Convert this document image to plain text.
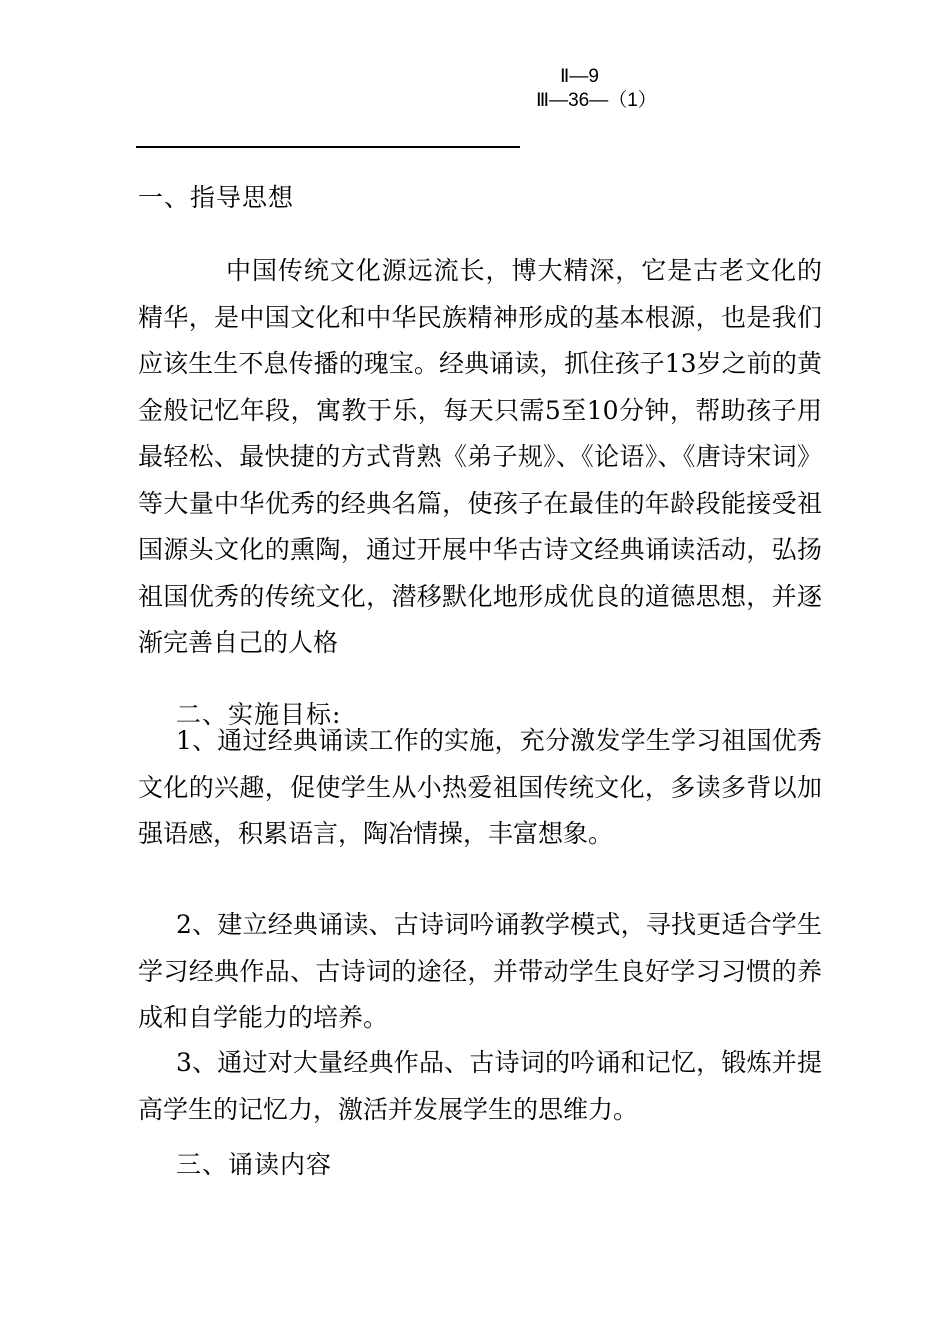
Ⅱ—9
Ⅲ—36—（1）
一、指导思想

中国传统文化源远流长，博大精深，它是古老文化的精华，是中国文化和中华民族精神形成的基本根源，也是我们应该生生不息传播的瑰宝。经典诵读，抓住孩子13岁之前的黄金般记忆年段，寓教于乐，每天只需5至10分钟，帮助孩子用最轻松、最快捷的方式背熟《弟子规》、《论语》、《唐诗宋词》等大量中华优秀的经典名篇，使孩子在最佳的年龄段能接受祖国源头文化的熏陶，通过开展中华古诗文经典诵读活动，弘扬祖国优秀的传统文化，潜移默化地形成优良的道德思想，并逐渐完善自己的人格

二、实施目标:

1、通过经典诵读工作的实施，充分激发学生学习祖国优秀文化的兴趣，促使学生从小热爱祖国传统文化，多读多背以加强语感，积累语言，陶冶情操，丰富想象。

2、建立经典诵读、古诗词吟诵教学模式，寻找更适合学生学习经典作品、古诗词的途径，并带动学生良好学习习惯的养成和自学能力的培养。

3、通过对大量经典作品、古诗词的吟诵和记忆，锻炼并提高学生的记忆力，激活并发展学生的思维力。

三、诵读内容
